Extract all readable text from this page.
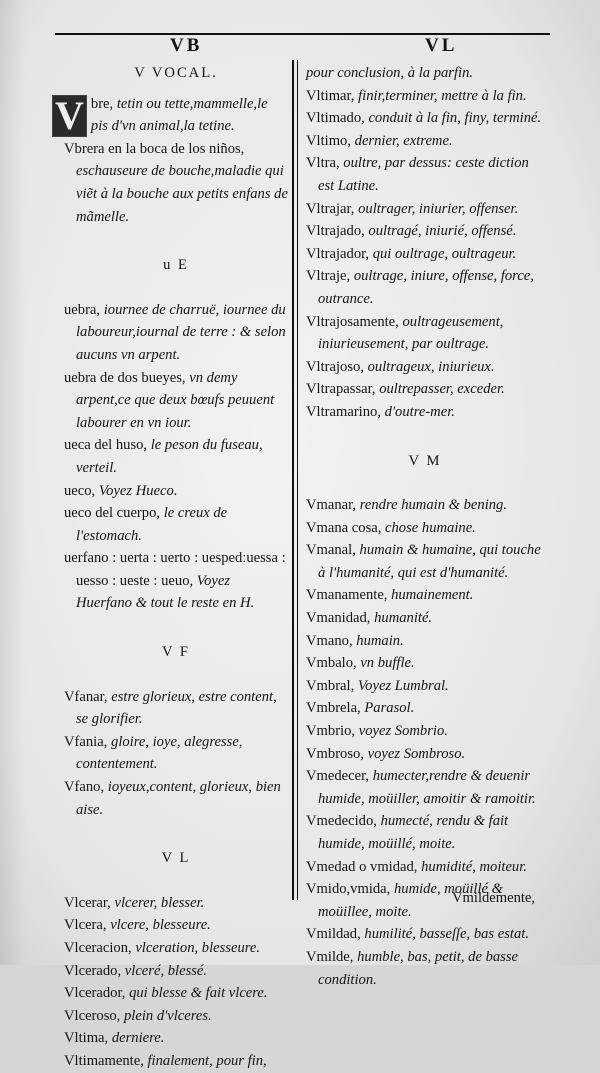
VB	VL
V VOCAL.
V bre, tetin ou tette,mammelle,le pis d'vn animal,la tetine.
Vbrera en la boca de los niños, eschauseure de bouche,maladie qui viẽt à la bouche aux petits enfans de mãmelle.
u E
uebra, iournee de charruë, iournee du laboureur,iournal de terre : & selon aucuns vn arpent.
uebra de dos bueyes, vn demy arpent,ce que deux bœufs peuuent labourer en vn iour.
ueca del huso, le peson du fuseau, verteil.
ueco, Voyez Hueco.
ueco del cuerpo, le creux de l'estomach.
uerfano : uerta : uerto : uespedːuessa : uesso : ueste : ueuo, Voyez Huerfano & tout le reste en H.
V F
Vfanar, estre glorieux, estre content, se glorifier.
Vfania, gloire, ioye, alegresse, contentement.
Vfano, ioyeux,content, glorieux, bien aise.
V L
Vlcerar, vlcerer, blesser.
Vlcera, vlcere, blesseure.
Vlceracion, vlceration, blesseure.
Vlcerado, vlceré, blessé.
Vlcerador, qui blesse & fait vlcere.
Vlceroso, plein d'vlceres.
Vltima, derniere.
Vltimamente, finalement, pour fin,
pour conclusion, à la parfin.
Vltimar, finir,terminer, mettre à la fin.
Vltimado, conduit à la fin, finy, terminé.
Vltimo, dernier, extreme.
Vltra, oultre, par dessus: ceste diction est Latine.
Vltrajar, oultrager, iniurier, offenser.
Vltrajado, oultragé, iniurié, offensé.
Vltrajador, qui oultrage, oultrageur.
Vltraje, oultrage, iniure, offense, force, outrance.
Vltrajosamente, oultrageusement, iniurieusement, par oultrage.
Vltrajoso, oultrageux, iniurieux.
Vltrapassar, oultrepasser, exceder.
Vltramarino, d'outre-mer.
V M
Vmanar, rendre humain & bening.
Vmana cosa, chose humaine.
Vmanal, humain & humaine, qui touche à l'humanité, qui est d'humanité.
Vmanamente, humainement.
Vmanidad, humanité.
Vmano, humain.
Vmbalo, vn buffle.
Vmbral, Voyez Lumbral.
Vmbrela, Parasol.
Vmbrio, voyez Sombrio.
Vmbroso, voyez Sombroso.
Vmedecer, humecter,rendre & deuenir humide, moüiller, amoitir & ramoitir.
Vmedecido, humecté, rendu & fait humide, moüillé, moite.
Vmedad o vmidad, humidité, moiteur.
Vmido,vmida, humide, moüillé & moüillee, moite.
Vmildad, humilité, basseſſe, bas estat.
Vmilde, humble, bas, petit, de basse condition.
Vmildemente,
